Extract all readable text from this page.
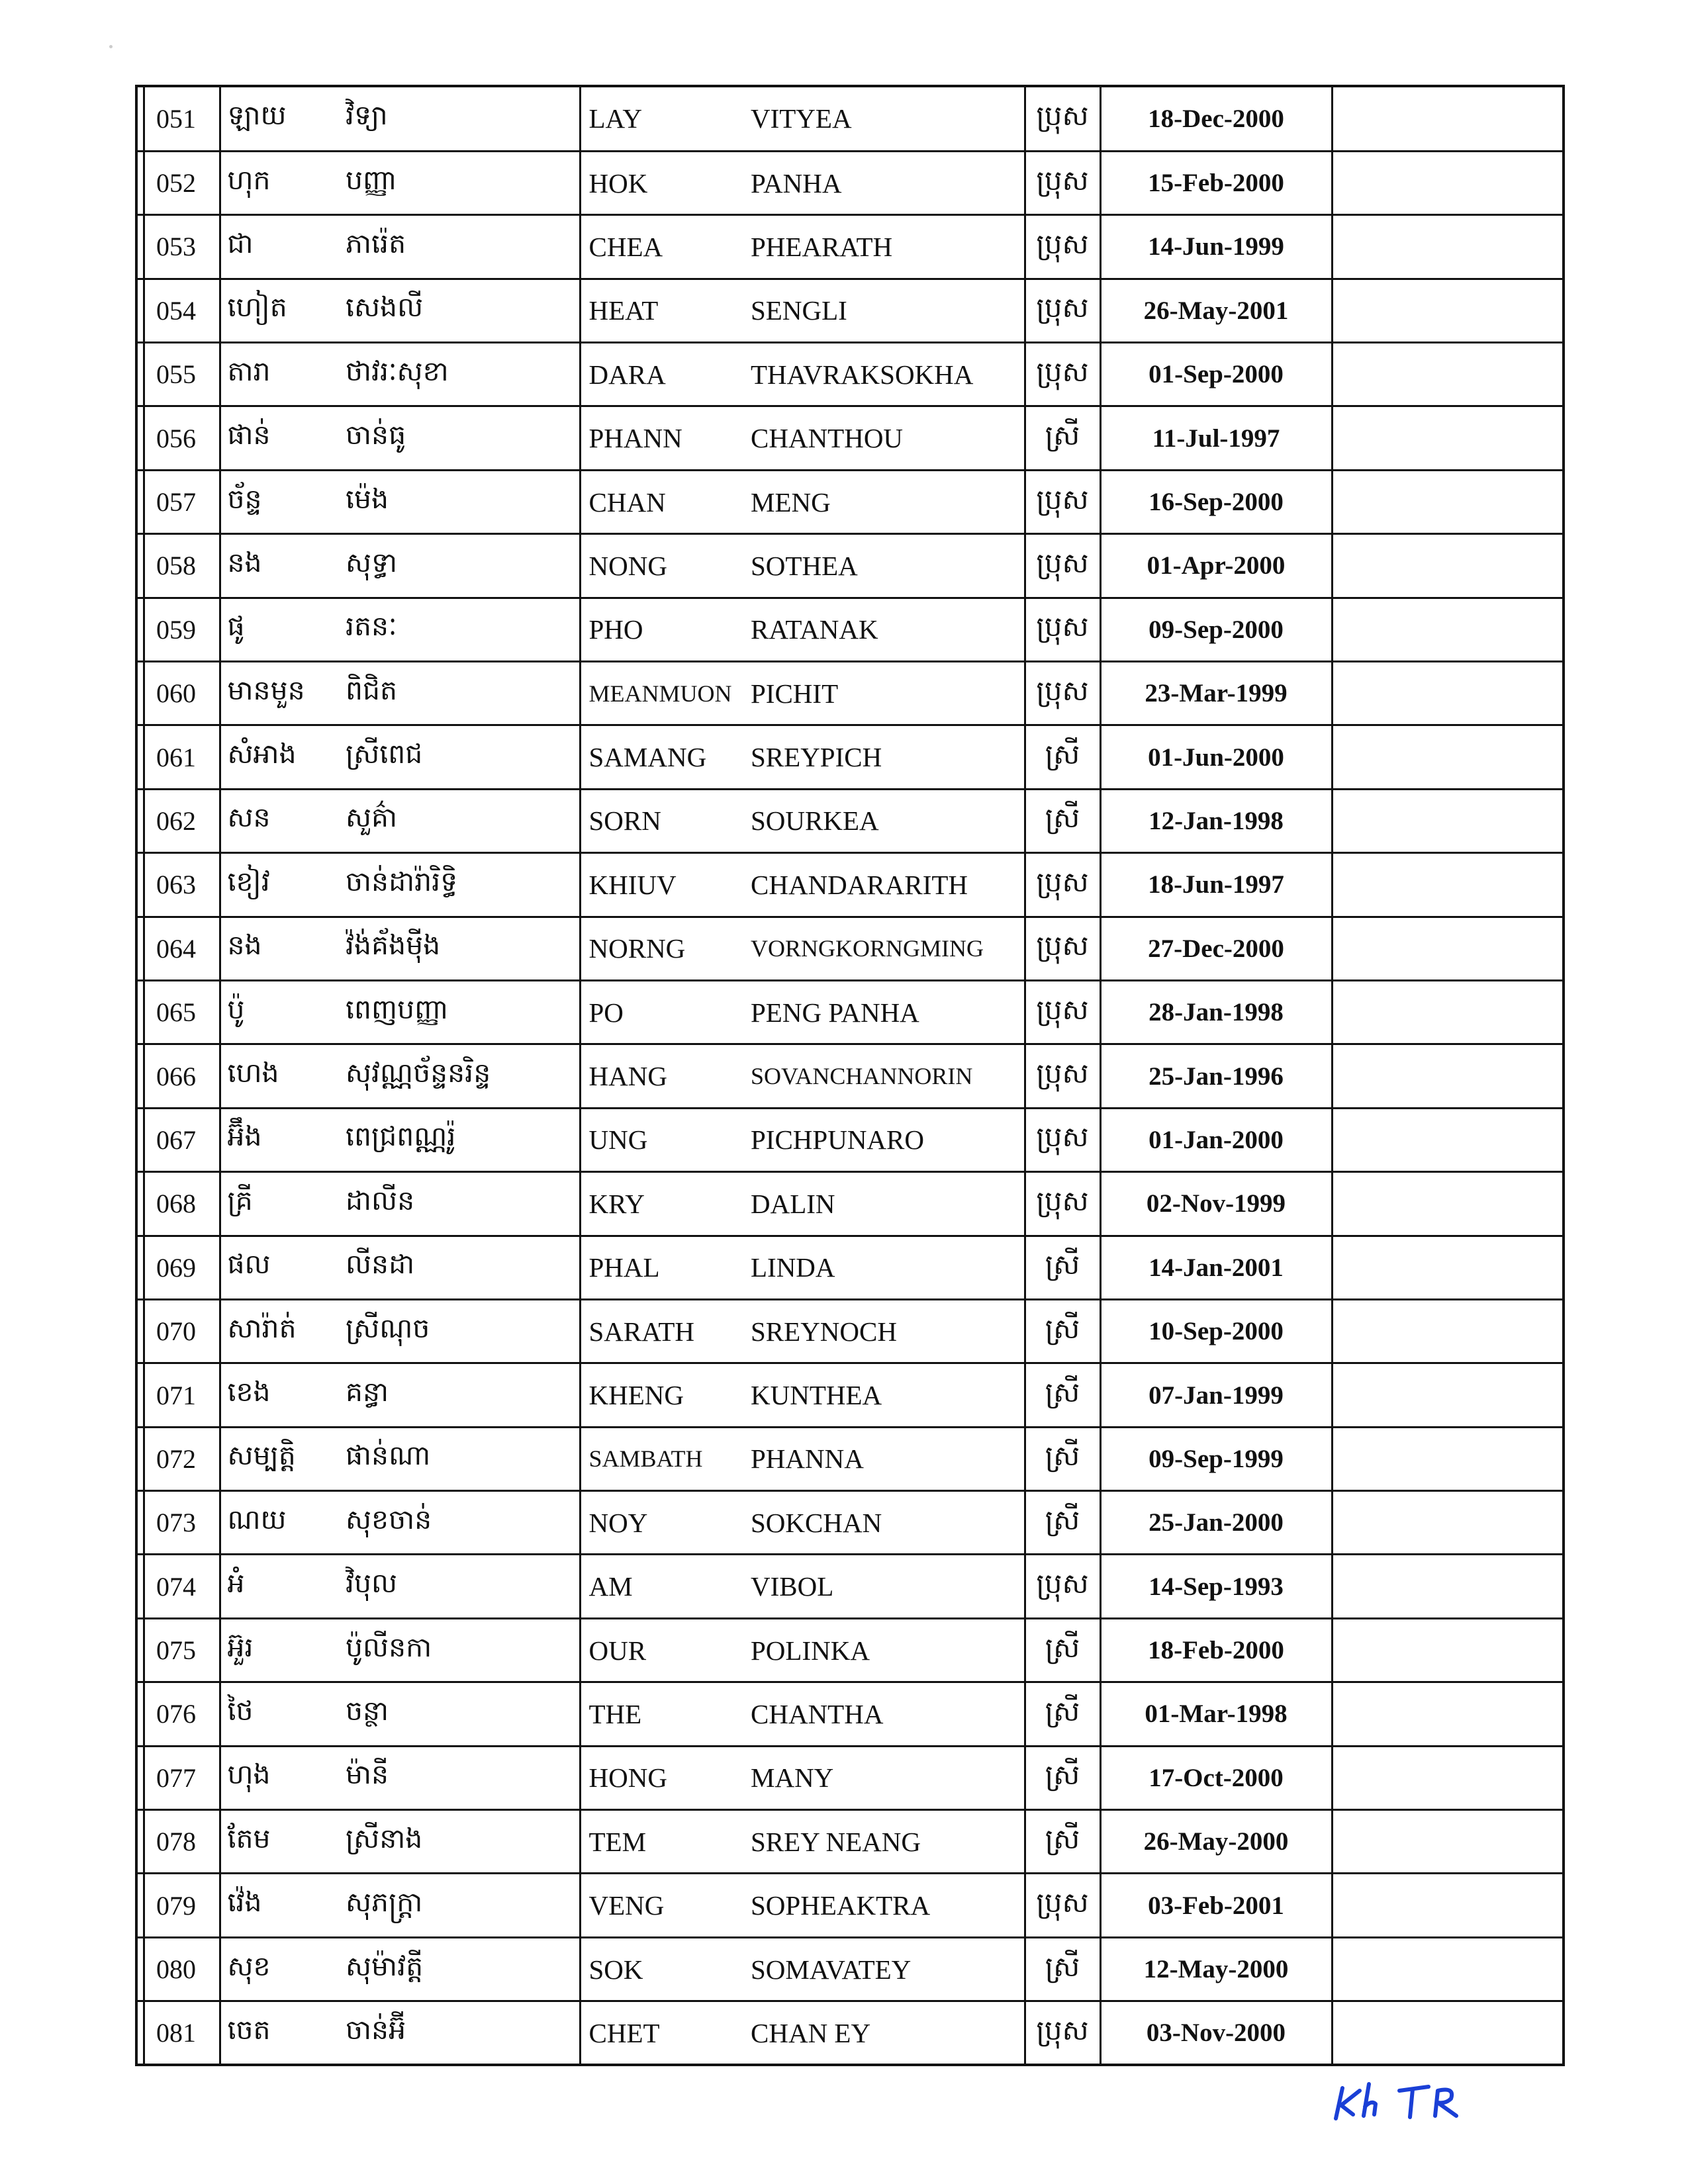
051	ឡាយ	វិទ្យា	LAY	VITYEA	ប្រុស	18-Dec-2000	
052	ហុក	បញ្ញា	HOK	PANHA	ប្រុស	15-Feb-2000	
053	ជា	ភារ៉េត	CHEA	PHEARATH	ប្រុស	14-Jun-1999	
054	ហៀត	សេងលី	HEAT	SENGLI	ប្រុស	26-May-2001	
055	តារា	ថាវរៈសុខា	DARA	THAVRAKSOKHA	ប្រុស	01-Sep-2000	
056	ផាន់	ចាន់ធូ	PHANN	CHANTHOU	ស្រី	11-Jul-1997	
057	ច័ន្ទ	ម៉េង	CHAN	MENG	ប្រុស	16-Sep-2000	
058	នង	សុទ្ធា	NONG	SOTHEA	ប្រុស	01-Apr-2000	
059	ផូ	រតនៈ	PHO	RATANAK	ប្រុស	09-Sep-2000	
060	មានមួន	ពិជិត	MEANMUON	PICHIT	ប្រុស	23-Mar-1999	
061	សំអាង	ស្រីពេជ	SAMANG	SREYPICH	ស្រី	01-Jun-2000	
062	សន	សួគ៌ា	SORN	SOURKEA	ស្រី	12-Jan-1998	
063	ខៀវ	ចាន់ដារ៉ារិទ្ធិ	KHIUV	CHANDARARITH	ប្រុស	18-Jun-1997	
064	នង	វ៉ង់គ័ងម៉ីង	NORNG	VORNGKORNGMING	ប្រុស	27-Dec-2000	
065	ប៉ូ	ពេញបញ្ញា	PO	PENG PANHA	ប្រុស	28-Jan-1998	
066	ហេង	សុវណ្ណច័ន្ទនរិន្ទ	HANG	SOVANCHANNORIN	ប្រុស	25-Jan-1996	
067	អ៊ឹង	ពេជ្រពណ្ណរ៉ូ	UNG	PICHPUNARO	ប្រុស	01-Jan-2000	
068	គ្រី	ដាលីន	KRY	DALIN	ប្រុស	02-Nov-1999	
069	ផល	លីនដា	PHAL	LINDA	ស្រី	14-Jan-2001	
070	សារ៉ាត់	ស្រីណុច	SARATH	SREYNOCH	ស្រី	10-Sep-2000	
071	ខេង	គន្ធា	KHENG	KUNTHEA	ស្រី	07-Jan-1999	
072	សម្បត្តិ	ផាន់ណា	SAMBATH	PHANNA	ស្រី	09-Sep-1999	
073	ណយ	សុខចាន់	NOY	SOKCHAN	ស្រី	25-Jan-2000	
074	អំ	វិបុល	AM	VIBOL	ប្រុស	14-Sep-1993	
075	អ៊ួរ	ប៉ូលីនកា	OUR	POLINKA	ស្រី	18-Feb-2000	
076	ថៃ	ចន្ថា	THE	CHANTHA	ស្រី	01-Mar-1998	
077	ហុង	ម៉ានី	HONG	MANY	ស្រី	17-Oct-2000	
078	តែម	ស្រីនាង	TEM	SREY NEANG	ស្រី	26-May-2000	
079	វ៉េង	សុភក្ត្រា	VENG	SOPHEAKTRA	ប្រុស	03-Feb-2001	
080	សុខ	សុម៉ាវត្តី	SOK	SOMAVATEY	ស្រី	12-May-2000	
081	ចេត	ចាន់អ៊ី	CHET	CHAN EY	ប្រុស	03-Nov-2000	
